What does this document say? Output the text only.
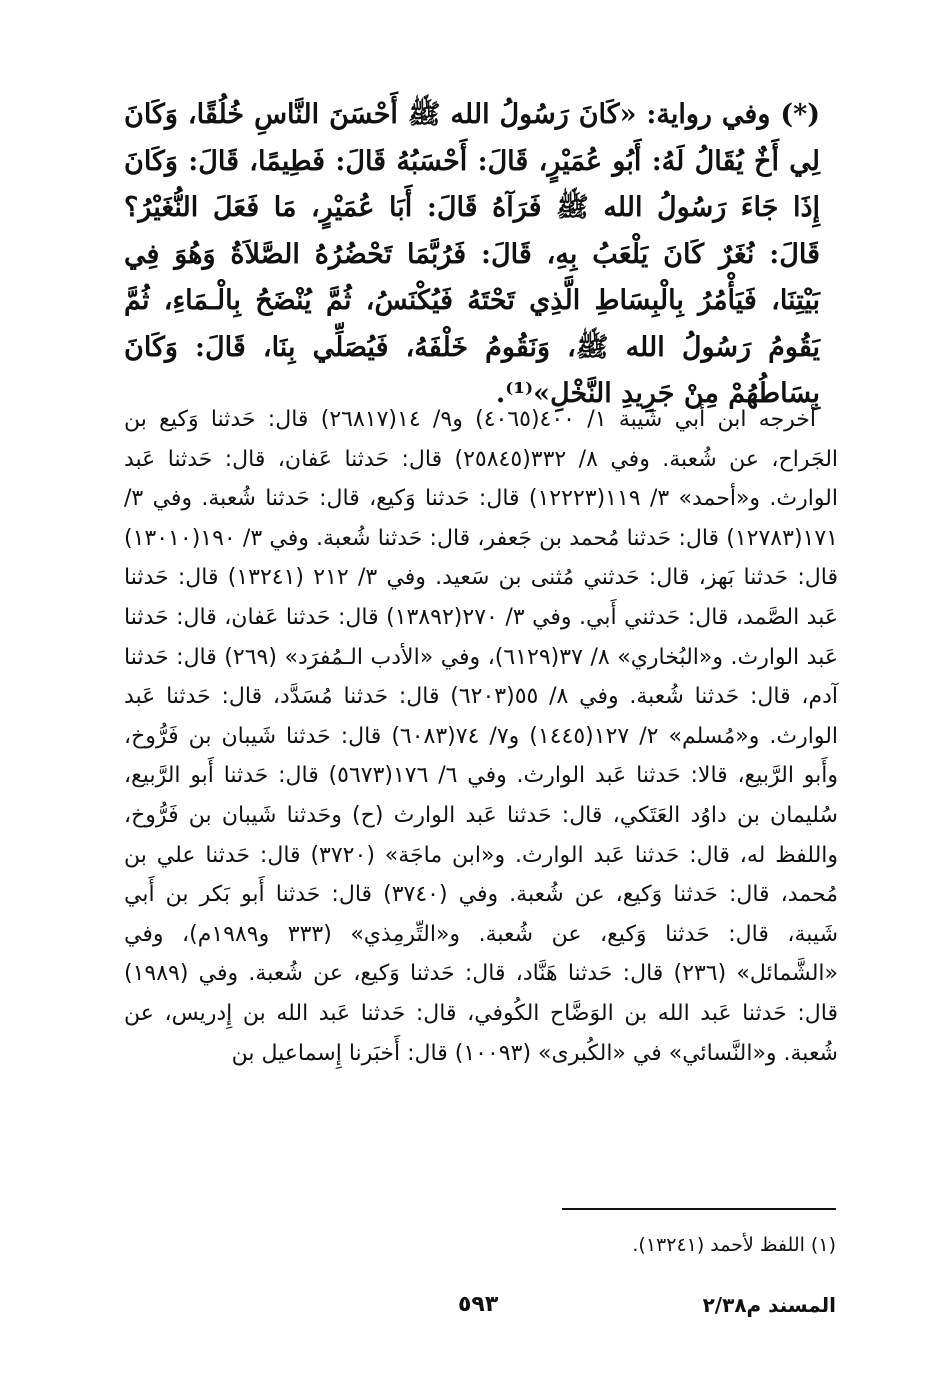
(*) وفي رواية: «كَانَ رَسُولُ الله ﷺ أَحْسَنَ النَّاسِ خُلُقًا، وَكَانَ لِي أَخٌ يُقَالُ لَهُ: أَبُو عُمَيْرٍ، قَالَ: أَحْسَبُهُ قَالَ: فَطِيمًا، قَالَ: وَكَانَ إِذَا جَاءَ رَسُولُ الله ﷺ فَرَآهُ قَالَ: أَبَا عُمَيْرٍ، مَا فَعَلَ النُّغَيْرُ؟ قَالَ: نُغَرٌ كَانَ يَلْعَبُ بِهِ، قَالَ: فَرُبَّمَا تَحْضُرُهُ الصَّلاَةُ وَهُوَ فِي بَيْتِنَا، فَيَأْمُرُ بِالْبِسَاطِ الَّذِي تَحْتَهُ فَيُكْنَسُ، ثُمَّ يُنْضَحُ بِالْـمَاءِ، ثُمَّ يَقُومُ رَسُولُ الله ﷺ، وَنَقُومُ خَلْفَهُ، فَيُصَلِّي بِنَا، قَالَ: وَكَانَ بِسَاطُهُمْ مِنْ جَرِيدِ النَّخْلِ»⁽¹⁾.
أخرجه ابن أبي شَيبة ١/ ٤٠٠(٤٠٦٥) و٩/ ١٤(٢٦٨١٧) قال: حَدثنا وَكيع بن الجَراح، عن شُعبة. وفي ٨/ ٣٣٢(٢٥٨٤٥) قال: حَدثنا عَفان، قال: حَدثنا عَبد الوارث. و«أحمد» ٣/ ١١٩(١٢٢٢٣) قال: حَدثنا وَكيع، قال: حَدثنا شُعبة. وفي ٣/ ١٧١(١٢٧٨٣) قال: حَدثنا مُحمد بن جَعفر، قال: حَدثنا شُعبة. وفي ٣/ ١٩٠(١٣٠١٠) قال: حَدثنا بَهز، قال: حَدثني مُثنى بن سَعيد. وفي ٣/ ٢١٢ (١٣٢٤١) قال: حَدثنا عَبد الصَّمد، قال: حَدثني أَبي. وفي ٣/ ٢٧٠(١٣٨٩٢) قال: حَدثنا عَفان، قال: حَدثنا عَبد الوارث. و«البُخاري» ٨/ ٣٧(٦١٢٩)، وفي «الأدب الـمُفرَد» (٢٦٩) قال: حَدثنا آدم، قال: حَدثنا شُعبة. وفي ٨/ ٥٥(٦٢٠٣) قال: حَدثنا مُسَدَّد، قال: حَدثنا عَبد الوارث. و«مُسلم» ٢/ ١٢٧(١٤٤٥) و٧/ ٧٤(٦٠٨٣) قال: حَدثنا شَيبان بن فَرُّوخ، وأَبو الرَّبيع، قالا: حَدثنا عَبد الوارث. وفي ٦/ ١٧٦(٥٦٧٣) قال: حَدثنا أَبو الرَّبيع، سُليمان بن داوُد العَتَكي، قال: حَدثنا عَبد الوارث (ح) وحَدثنا شَيبان بن فَرُّوخ، واللفظ له، قال: حَدثنا عَبد الوارث. و«ابن ماجَة» (٣٧٢٠) قال: حَدثنا علي بن مُحمد، قال: حَدثنا وَكيع، عن شُعبة. وفي (٣٧٤٠) قال: حَدثنا أَبو بَكر بن أَبي شَيبة، قال: حَدثنا وَكيع، عن شُعبة. و«التِّرمِذي» (٣٣٣ و١٩٨٩م)، وفي «الشَّمائل» (٢٣٦) قال: حَدثنا هَنَّاد، قال: حَدثنا وَكيع، عن شُعبة. وفي (١٩٨٩) قال: حَدثنا عَبد الله بن الوَضَّاح الكُوفي، قال: حَدثنا عَبد الله بن إِدريس، عن شُعبة. و«النَّسائي» في «الكُبرى» (١٠٠٩٣) قال: أَخبَرنا إِسماعيل بن
(١) اللفظ لأحمد (١٣٢٤١).
المسند م٢/٣٨
٥٩٣
